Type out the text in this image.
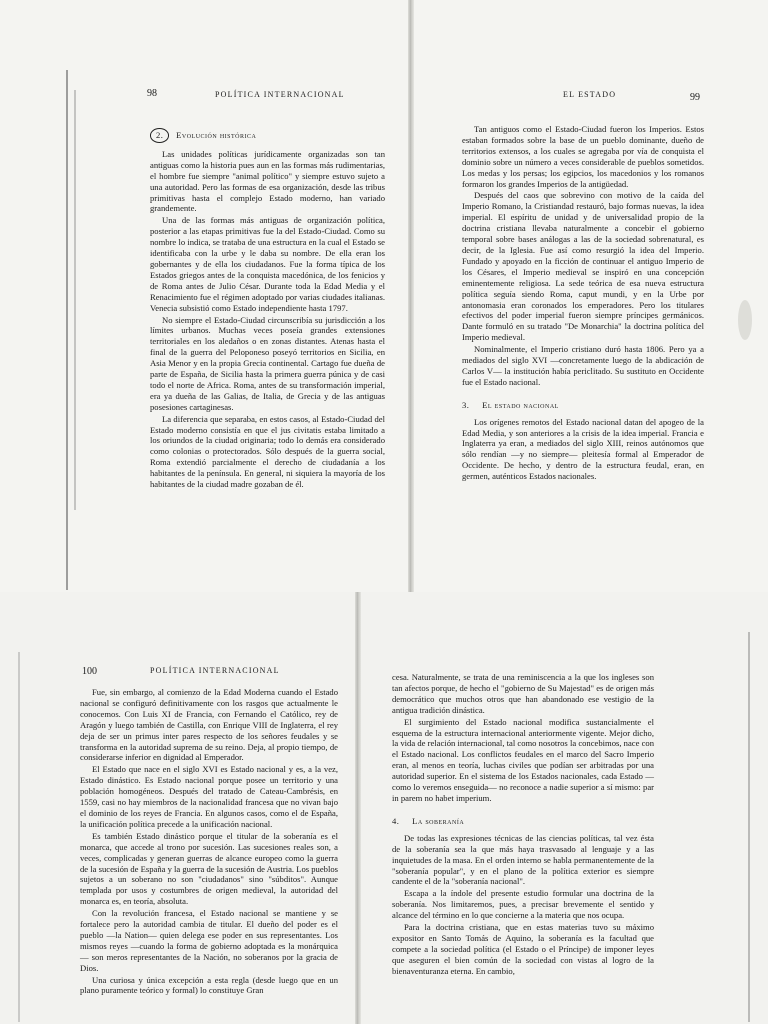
98	POLÍTICA INTERNACIONAL
2. Evolución histórica

Las unidades políticas jurídicamente organizadas son tan antiguas como la historia pues aun en las formas más rudimentarias, el hombre fue siempre "animal político" y siempre estuvo sujeto a una autoridad. Pero las formas de esa organización, desde las tribus primitivas hasta el complejo Estado moderno, han variado grandemente.

Una de las formas más antiguas de organización política, posterior a las etapas primitivas fue la del Estado-Ciudad. Como su nombre lo indica, se trataba de una estructura en la cual el Estado se identificaba con la urbe y le daba su nombre. De ella eran los gobernantes y de ella los ciudadanos. Fue la forma típica de los Estados griegos antes de la conquista macedónica, de los fenicios y de Roma antes de Julio César. Durante toda la Edad Media y el Renacimiento fue el régimen adoptado por varias ciudades italianas. Venecia subsistió como Estado independiente hasta 1797.

No siempre el Estado-Ciudad circunscribía su jurisdicción a los límites urbanos. Muchas veces poseía grandes extensiones territoriales en los aledaños o en zonas distantes. Atenas hasta el final de la guerra del Peloponeso poseyó territorios en Sicilia, en Asia Menor y en la propia Grecia continental. Cartago fue dueña de parte de España, de Sicilia hasta la primera guerra púnica y de casi todo el norte de Africa. Roma, antes de su transformación imperial, era ya dueña de las Galias, de Italia, de Grecia y de las antiguas posesiones cartaginesas.

La diferencia que separaba, en estos casos, al Estado-Ciudad del Estado moderno consistía en que el jus civitatis estaba limitado a los oriundos de la ciudad originaria; todo lo demás era considerado como colonias o protectorados. Sólo después de la guerra social, Roma extendió parcialmente el derecho de ciudadanía a los habitantes de la península. En general, ni siquiera la mayoría de los habitantes de la ciudad madre gozaban de él.

EL ESTADO	99

Tan antiguos como el Estado-Ciudad fueron los Imperios. Estos estaban formados sobre la base de un pueblo dominante, dueño de territorios extensos, a los cuales se agregaba por vía de conquista el dominio sobre un número a veces considerable de pueblos sometidos. Los medas y los persas; los egipcios, los macedonios y los romanos formaron los grandes Imperios de la antigüedad.

Después del caos que sobrevino con motivo de la caída del Imperio Romano, la Cristiandad restauró, bajo formas nuevas, la idea imperial. El espíritu de unidad y de universalidad propio de la doctrina cristiana llevaba naturalmente a concebir el gobierno temporal sobre bases análogas a las de la sociedad sobrenatural, es decir, de la Iglesia. Fue así como resurgió la idea del Imperio. Fundado y apoyado en la ficción de continuar el antiguo Imperio de los Césares, el Imperio medieval se inspiró en una concepción eminentemente religiosa. La sede teórica de esa nueva estructura política seguía siendo Roma, caput mundi, y en la Urbe por antonomasia eran coronados los emperadores. Pero los titulares efectivos del poder imperial fueron siempre príncipes germánicos. Dante formuló en su tratado "De Monarchia" la doctrina política del Imperio medieval.

Nominalmente, el Imperio cristiano duró hasta 1806. Pero ya a mediados del siglo XVI —concretamente luego de la abdicación de Carlos V— la institución había periclitado. Su sustituto en Occidente fue el Estado nacional.

3. El estado nacional

Los orígenes remotos del Estado nacional datan del apogeo de la Edad Media, y son anteriores a la crisis de la idea imperial. Francia e Inglaterra ya eran, a mediados del siglo XIII, reinos autónomos que sólo rendían —y no siempre— pleitesía formal al Emperador de Occidente. De hecho, y dentro de la estructura feudal, eran, en germen, auténticos Estados nacionales.

100	POLÍTICA INTERNACIONAL

Fue, sin embargo, al comienzo de la Edad Moderna cuando el Estado nacional se configuró definitivamente con los rasgos que actualmente le conocemos. Con Luis XI de Francia, con Fernando el Católico, rey de Aragón y luego también de Castilla, con Enrique VIII de Inglaterra, el rey deja de ser un primus inter pares respecto de los señores feudales y se transforma en la autoridad suprema de su reino. Deja, al propio tiempo, de considerarse inferior en dignidad al Emperador.

El Estado que nace en el siglo XVI es Estado nacional y es, a la vez, Estado dinástico. Es Estado nacional porque posee un territorio y una población homogéneos. Después del tratado de Cateau-Cambrésis, en 1559, casi no hay miembros de la nacionalidad francesa que no vivan bajo el dominio de los reyes de Francia. En algunos casos, como el de España, la unificación política precede a la unificación nacional.

Es también Estado dinástico porque el titular de la soberanía es el monarca, que accede al trono por sucesión. Las sucesiones reales son, a veces, complicadas y generan guerras de alcance europeo como la guerra de la sucesión de España y la guerra de la sucesión de Austria. Los pueblos sujetos a un soberano no son "ciudadanos" sino "súbditos". Aunque templada por usos y costumbres de origen medieval, la autoridad del monarca es, en teoría, absoluta.

Con la revolución francesa, el Estado nacional se mantiene y se fortalece pero la autoridad cambia de titular. El dueño del poder es el pueblo —la Nation— quien delega ese poder en sus representantes. Los mismos reyes —cuando la forma de gobierno adoptada es la monárquica— son meros representantes de la Nación, no soberanos por la gracia de Dios.

Una curiosa y única excepción a esta regla (desde luego que en un plano puramente teórico y formal) lo constituye Gran

cesa. Naturalmente, se trata de una reminiscencia a la que los ingleses son tan afectos porque, de hecho el "gobierno de Su Majestad" es de origen más democrático que muchos otros que han abandonado ese vestigio de la antigua tradición dinástica.

El surgimiento del Estado nacional modifica sustancialmente el esquema de la estructura internacional anteriormente vigente. Mejor dicho, la vida de relación internacional, tal como nosotros la concebimos, nace con el Estado nacional. Los conflictos feudales en el marco del Sacro Imperio eran, al menos en teoría, luchas civiles que podían ser arbitradas por una autoridad superior. En el sistema de los Estados nacionales, cada Estado —como lo veremos enseguida— no reconoce a nadie superior a sí mismo: par in parem no habet imperium.

4. La soberanía

De todas las expresiones técnicas de las ciencias políticas, tal vez ésta de la soberanía sea la que más haya trasvasado al lenguaje y a las inquietudes de la masa. En el orden interno se habla permanentemente de la "soberanía popular", y en el plano de la política exterior es siempre candente el de la "soberanía nacional".

Escapa a la índole del presente estudio formular una doctrina de la soberanía. Nos limitaremos, pues, a precisar brevemente el sentido y alcance del término en lo que concierne a la materia que nos ocupa.

Para la doctrina cristiana, que en estas materias tuvo su máximo expositor en Santo Tomás de Aquino, la soberanía es la facultad que compete a la sociedad política (el Estado o el Príncipe) de imponer leyes que aseguren el bien común de la sociedad con vistas al logro de la bienaventuranza eterna. En cambio,
